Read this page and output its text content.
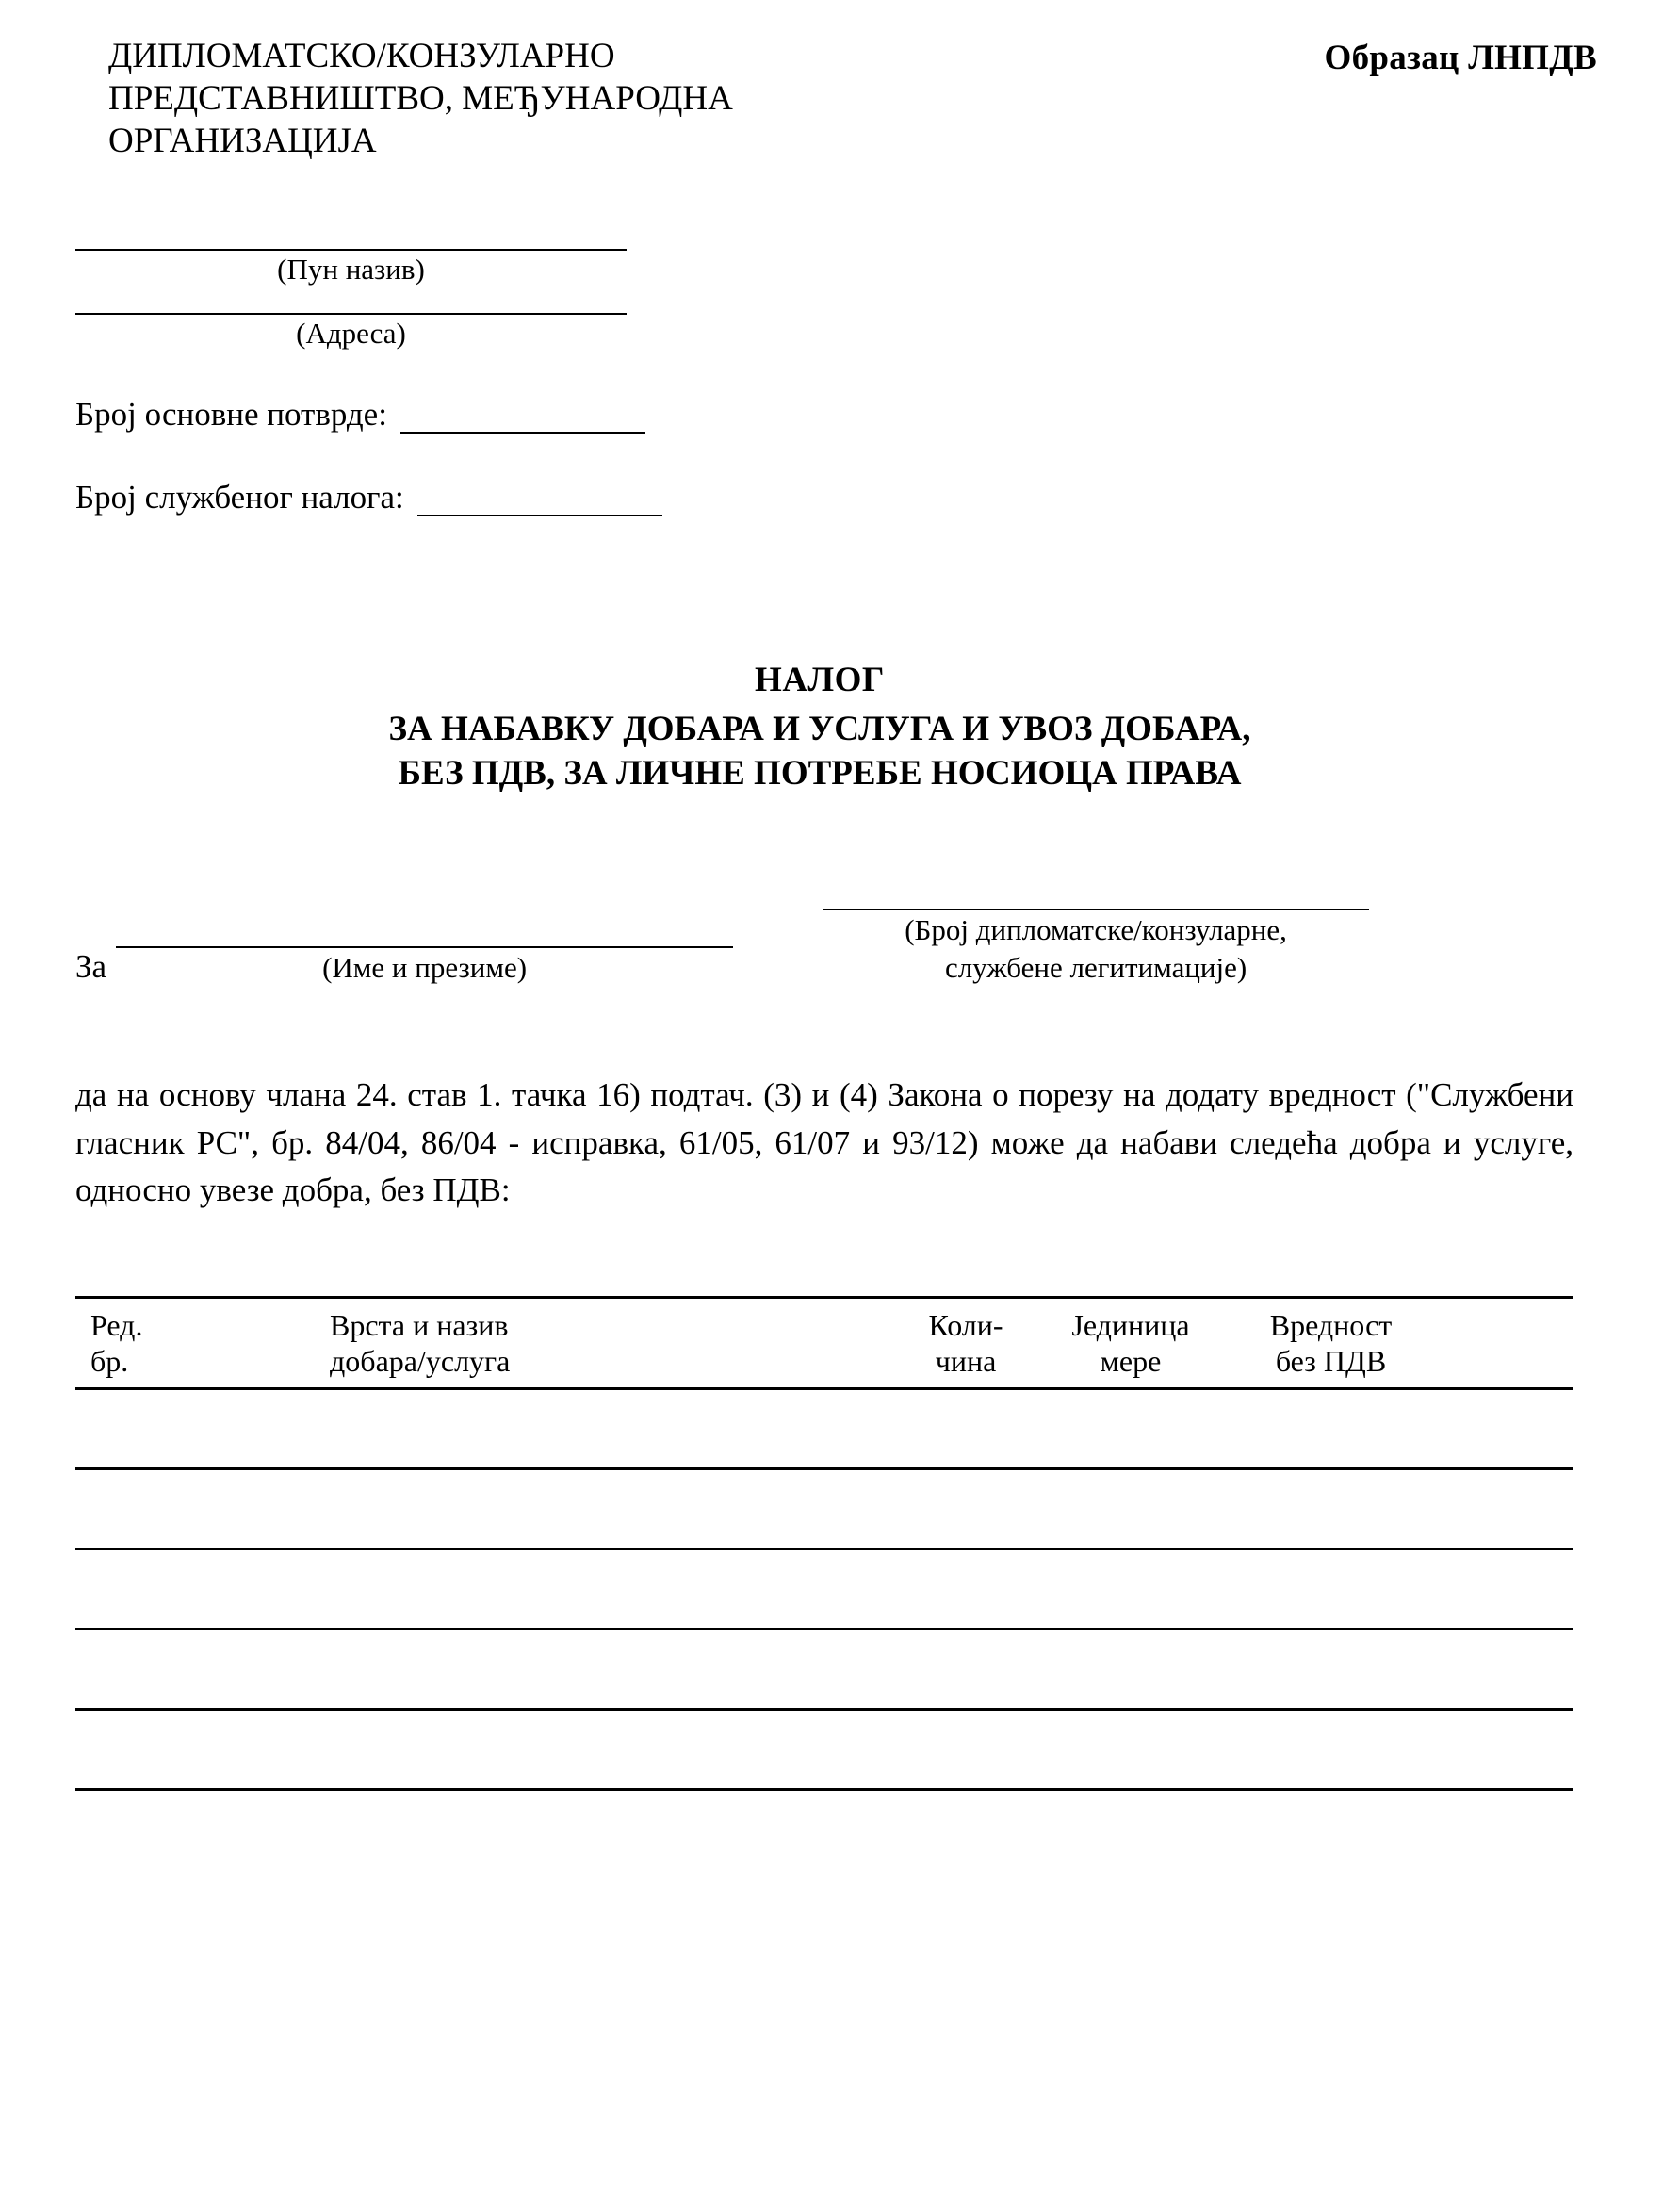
Образац ЛНПДВ
ДИПЛОМАТСКО/КОНЗУЛАРНО
ПРЕДСТАВНИШТВО, МЕЂУНАРОДНА
ОРГАНИЗАЦИЈА
(Пун назив)
(Адреса)
Број основне потврде:
Број службеног налога:
НАЛОГ
ЗА НАБАВКУ ДОБАРА И УСЛУГА И УВОЗ ДОБАРА,
БЕЗ ПДВ, ЗА ЛИЧНЕ ПОТРЕБЕ НОСИОЦА ПРАВА
За	(Име и презиме)
(Број дипломатске/конзуларне,
службене легитимације)
да на основу члана 24. став 1. тачка 16) подтач. (3) и (4) Закона о порезу на додату вредност ("Службени гласник РС", бр. 84/04, 86/04 - исправка, 61/05, 61/07 и 93/12) може да набави следећа добра и услуге, односно увезе добра, без ПДВ:
Ред.
бр.
Врста и назив
добара/услуга
Коли-
чина
Јединица
мере
Вредност
без ПДВ
